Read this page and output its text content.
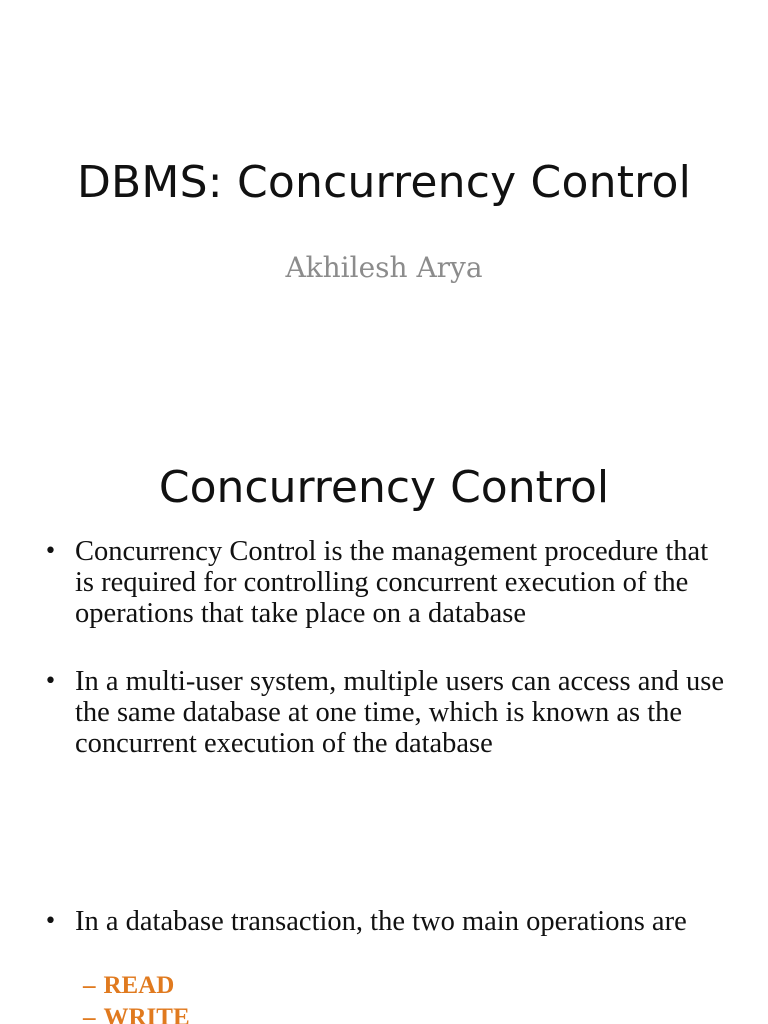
DBMS: Concurrency Control
Akhilesh Arya
Concurrency Control
• Concurrency Control is the management procedure that is required for controlling concurrent execution of the operations that take place on a database
• In a multi-user system, multiple users can access and use the same database at one time, which is known as the concurrent execution of the database
• In a database transaction, the two main operations are
– READ
– WRITE
